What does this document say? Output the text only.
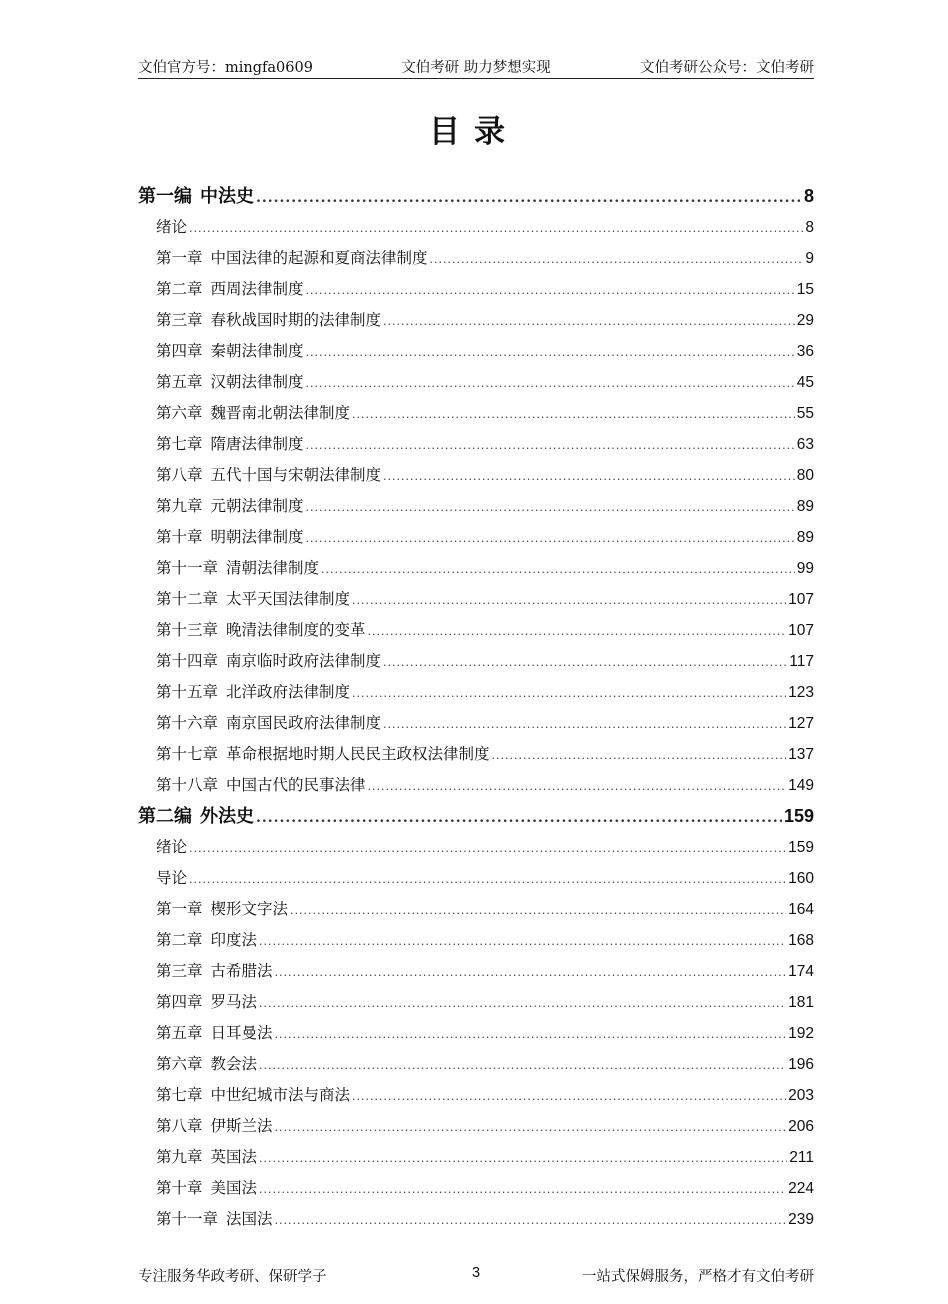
文伯官方号：mingfa0609	文伯考研 助力梦想实现	文伯考研公众号：文伯考研
目录
第一编 中法史 .....	8
绪论 .....	8
第一章 中国法律的起源和夏商法律制度 .....	9
第二章 西周法律制度 .....	15
第三章 春秋战国时期的法律制度 .....	29
第四章 秦朝法律制度 .....	36
第五章 汉朝法律制度 .....	45
第六章 魏晋南北朝法律制度 .....	55
第七章 隋唐法律制度 .....	63
第八章 五代十国与宋朝法律制度 .....	80
第九章 元朝法律制度 .....	89
第十章 明朝法律制度 .....	89
第十一章 清朝法律制度 .....	99
第十二章 太平天国法律制度 .....	107
第十三章 晚清法律制度的变革 .....	107
第十四章 南京临时政府法律制度 .....	117
第十五章 北洋政府法律制度 .....	123
第十六章 南京国民政府法律制度 .....	127
第十七章 革命根据地时期人民民主政权法律制度 .....	137
第十八章 中国古代的民事法律 .....	149
第二编 外法史 .....	159
绪论 .....	159
导论 .....	160
第一章 楔形文字法 .....	164
第二章 印度法 .....	168
第三章 古希腊法 .....	174
第四章 罗马法 .....	181
第五章 日耳曼法 .....	192
第六章 教会法 .....	196
第七章 中世纪城市法与商法 .....	203
第八章 伊斯兰法 .....	206
第九章 英国法 .....	211
第十章 美国法 .....	224
第十一章 法国法 .....	239
专注服务华政考研、保研学子	3	一站式保姆服务，严格才有文伯考研
